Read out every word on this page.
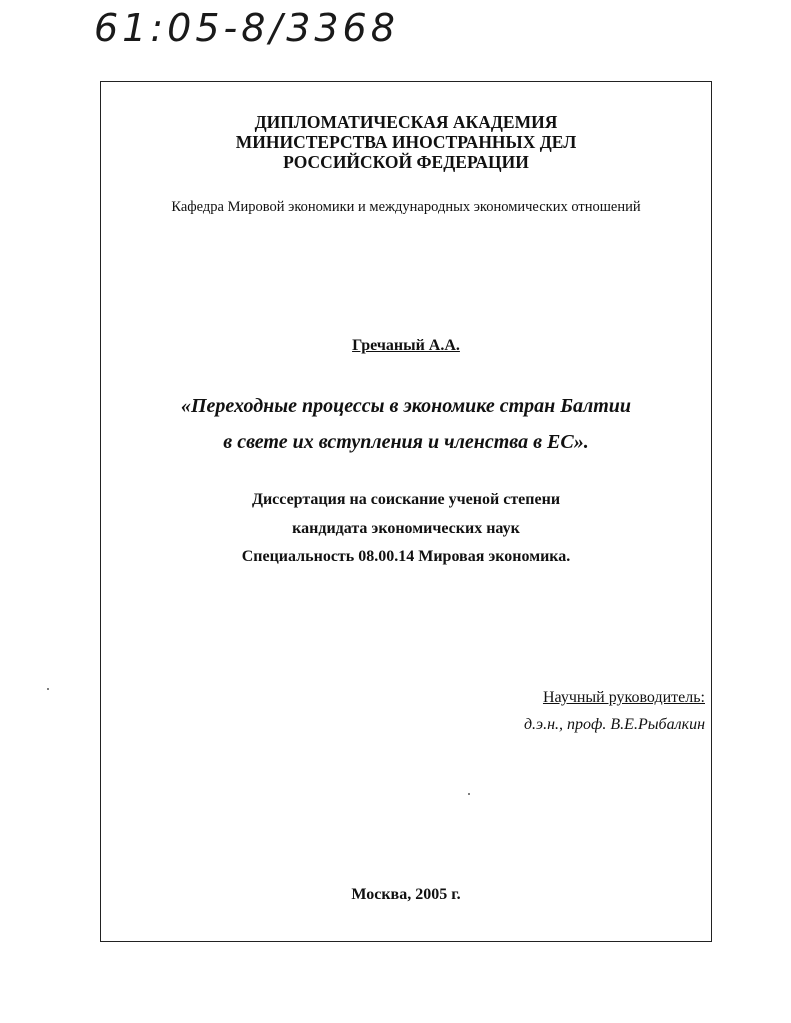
61:05-8/3368
ДИПЛОМАТИЧЕСКАЯ АКАДЕМИЯ
МИНИСТЕРСТВА ИНОСТРАННЫХ ДЕЛ
РОССИЙСКОЙ ФЕДЕРАЦИИ
Кафедра Мировой экономики и международных экономических отношений
Гречаный А.А.
«Переходные процессы в экономике стран Балтии
в свете их вступления и членства в ЕС».
Диссертация на соискание ученой степени
кандидата экономических наук
Специальность 08.00.14 Мировая экономика.
Научный руководитель:
д.э.н., проф. В.Е.Рыбалкин
Москва, 2005 г.
